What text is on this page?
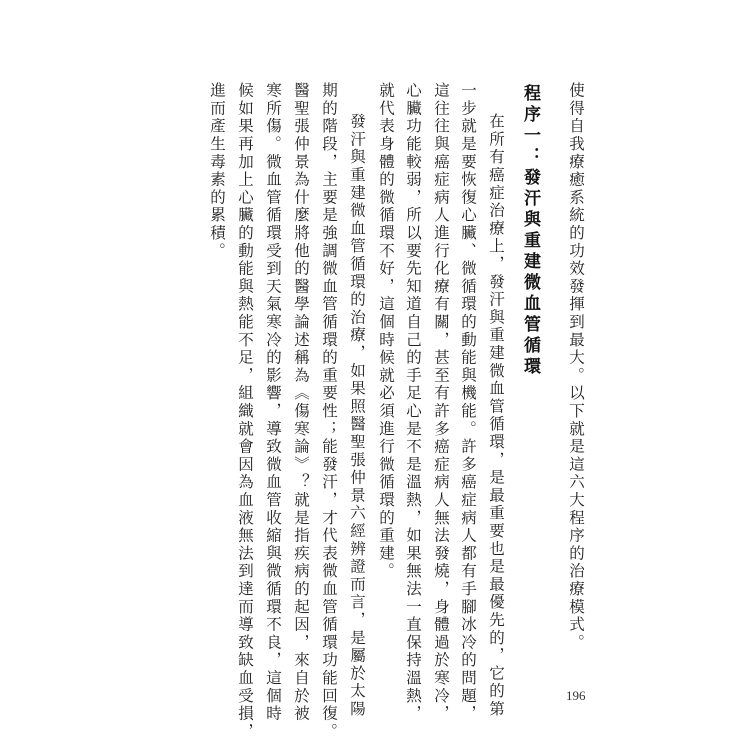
使得自我療癒系統的功效發揮到最大。以下就是這六大程序的治療模式。
程序一：發汗與重建微血管循環
在所有癌症治療上，發汗與重建微血管循環，是最重要也是最優先的，它的第
一步就是要恢復心臟、微循環的動能與機能。許多癌症病人都有手腳冰冷的問題，
這往往與癌症病人進行化療有關，甚至有許多癌症病人無法發燒，身體過於寒冷，
心臟功能較弱，所以要先知道自己的手足心是不是溫熱，如果無法一直保持溫熱，
就代表身體的微循環不好，這個時候就必須進行微循環的重建。
發汗與重建微血管循環的治療，如果照醫聖張仲景六經辨證而言，是屬於太陽
期的階段，主要是強調微血管循環的重要性；能發汗，才代表微血管循環功能回復。
醫聖張仲景為什麼將他的醫學論述稱為《傷寒論》？就是指疾病的起因，來自於被
寒所傷。微血管循環受到天氣寒冷的影響，導致微血管收縮與微循環不良，這個時
候如果再加上心臟的動能與熱能不足，組織就會因為血液無法到達而導致缺血受損，
進而產生毒素的累積。
196
